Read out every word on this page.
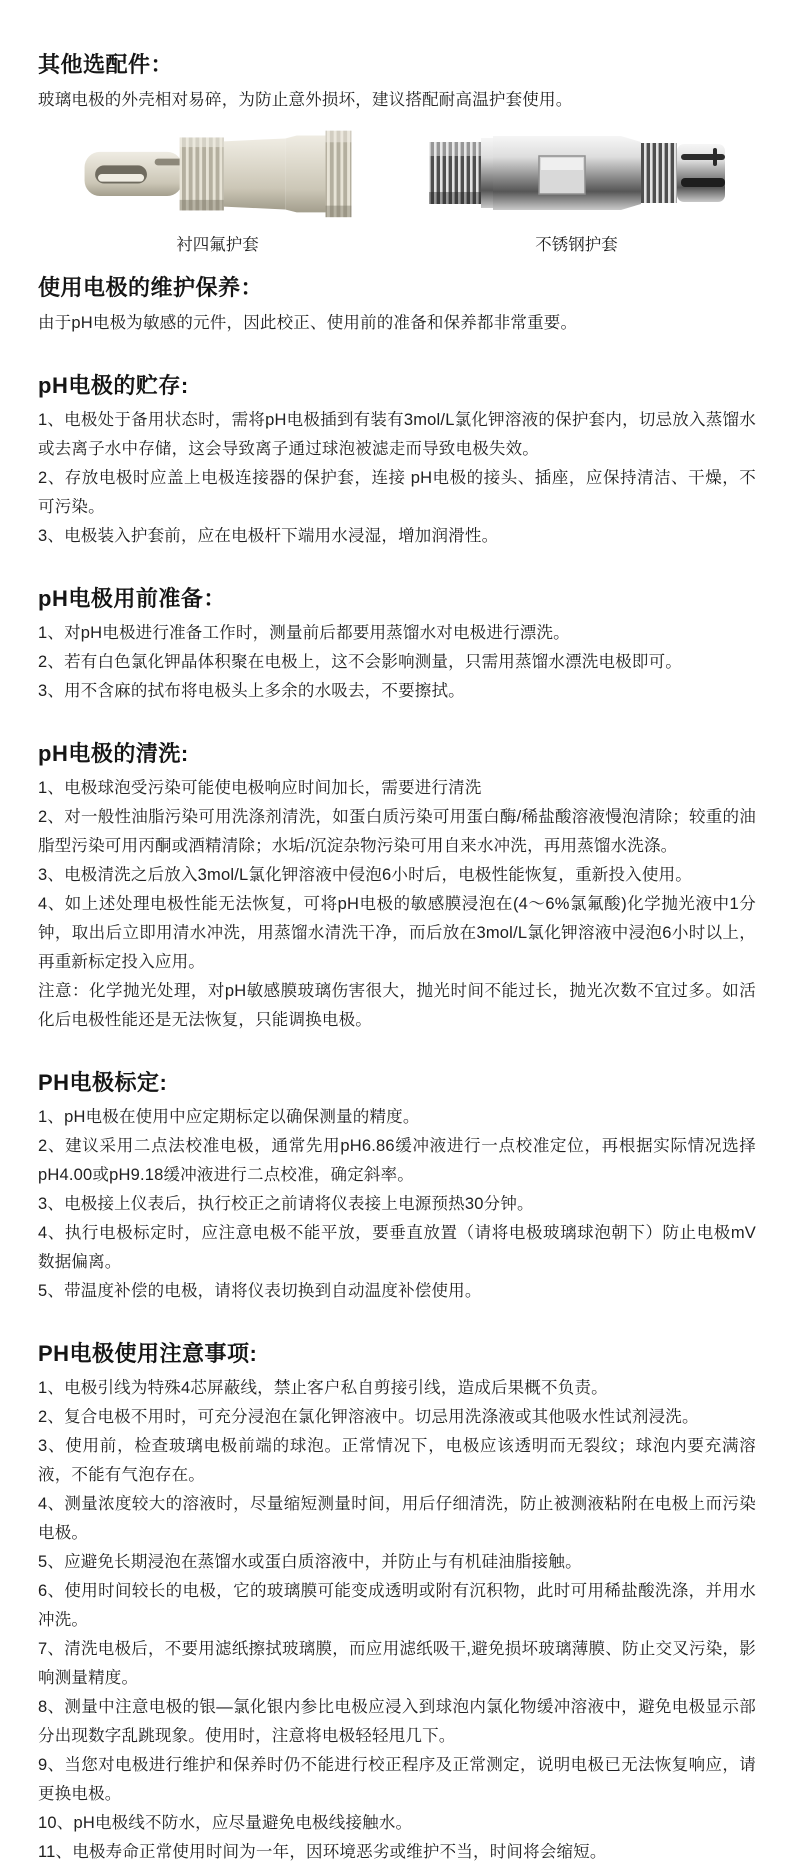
其他选配件：

玻璃电极的外壳相对易碎，为防止意外损坏，建议搭配耐高温护套使用。

衬四氟护套	不锈钢护套
使用电极的维护保养：

由于pH电极为敏感的元件，因此校正、使用前的准备和保养都非常重要。

pH电极的贮存:

1、电极处于备用状态时，需将pH电极插到有装有3mol/L氯化钾溶液的保护套内，切忌放入蒸馏水或去离子水中存储，这会导致离子通过球泡被滤走而导致电极失效。

2、存放电极时应盖上电极连接器的保护套，连接 pH电极的接头、插座，应保持清洁、干燥，不可污染。

3、电极装入护套前，应在电极杆下端用水浸湿，增加润滑性。

pH电极用前准备：

1、对pH电极进行准备工作时，测量前后都要用蒸馏水对电极进行漂洗。

2、若有白色氯化钾晶体积聚在电极上，这不会影响测量，只需用蒸馏水漂洗电极即可。

3、用不含麻的拭布将电极头上多余的水吸去，不要擦拭。

pH电极的清洗:

1、电极球泡受污染可能使电极响应时间加长，需要进行清洗

2、对一般性油脂污染可用洗涤剂清洗，如蛋白质污染可用蛋白酶/稀盐酸溶液慢泡清除；较重的油脂型污染可用丙酮或酒精清除；水垢/沉淀杂物污染可用自来水冲洗，再用蒸馏水洗涤。

3、电极清洗之后放入3mol/L氯化钾溶液中侵泡6小时后，电极性能恢复，重新投入使用。

4、如上述处理电极性能无法恢复，可将pH电极的敏感膜浸泡在(4～6%氯氟酸)化学抛光液中1分钟，取出后立即用清水冲洗，用蒸馏水清洗干净，而后放在3mol/L氯化钾溶液中浸泡6小时以上，再重新标定投入应用。

注意：化学抛光处理，对pH敏感膜玻璃伤害很大，抛光时间不能过长，抛光次数不宜过多。如活化后电极性能还是无法恢复，只能调换电极。

PH电极标定:

1、pH电极在使用中应定期标定以确保测量的精度。

2、建议采用二点法校准电极，通常先用pH6.86缓冲液进行一点校准定位，再根据实际情况选择pH4.00或pH9.18缓冲液进行二点校准，确定斜率。

3、电极接上仪表后，执行校正之前请将仪表接上电源预热30分钟。

4、执行电极标定时，应注意电极不能平放，要垂直放置（请将电极玻璃球泡朝下）防止电极mV数据偏离。

5、带温度补偿的电极，请将仪表切换到自动温度补偿使用。

PH电极使用注意事项:

1、电极引线为特殊4芯屏蔽线，禁止客户私自剪接引线，造成后果概不负责。

2、复合电极不用时，可充分浸泡在氯化钾溶液中。切忌用洗涤液或其他吸水性试剂浸洗。

3、使用前，检查玻璃电极前端的球泡。正常情况下，电极应该透明而无裂纹；球泡内要充满溶液，不能有气泡存在。

4、测量浓度较大的溶液时，尽量缩短测量时间，用后仔细清洗，防止被测液粘附在电极上而污染电极。

5、应避免长期浸泡在蒸馏水或蛋白质溶液中，并防止与有机硅油脂接触。

6、使用时间较长的电极，它的玻璃膜可能变成透明或附有沉积物，此时可用稀盐酸洗涤，并用水冲洗。

7、清洗电极后，不要用滤纸擦拭玻璃膜，而应用滤纸吸干,避免损坏玻璃薄膜、防止交叉污染，影响测量精度。

8、测量中注意电极的银—氯化银内参比电极应浸入到球泡内氯化物缓冲溶液中，避免电极显示部分出现数字乱跳现象。使用时，注意将电极轻轻甩几下。

9、当您对电极进行维护和保养时仍不能进行校正程序及正常测定，说明电极已无法恢复响应，请更换电极。

10、pH电极线不防水，应尽量避免电极线接触水。

11、电极寿命正常使用时间为一年，因环境恶劣或维护不当，时间将会缩短。
